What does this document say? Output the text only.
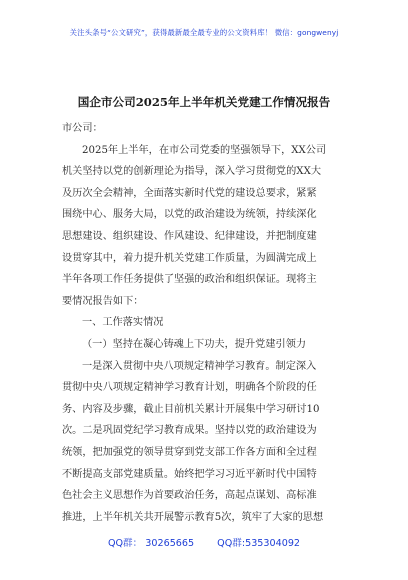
关注头条号“公文研究”，获得最新最全最专业的公文资料库！ 微信：gongwenyj
国企市公司2025年上半年机关党建工作情况报告

市公司：

2025年上半年，在市公司党委的坚强领导下，XX公司

机关坚持以党的创新理论为指导，深入学习贯彻党的XX大

及历次全会精神，全面落实新时代党的建设总要求，紧紧

围绕中心、服务大局，以党的政治建设为统领，持续深化

思想建设、组织建设、作风建设、纪律建设，并把制度建

设贯穿其中，着力提升机关党建工作质量，为圆满完成上

半年各项工作任务提供了坚强的政治和组织保证。现将主

要情况报告如下：

一、工作落实情况

（一）坚持在凝心铸魂上下功夫，提升党建引领力

一是深入贯彻中央八项规定精神学习教育。制定深入

贯彻中央八项规定精神学习教育计划，明确各个阶段的任

务、内容及步骤，截止目前机关累计开展集中学习研讨10

次。二是巩固党纪学习教育成果。坚持以党的政治建设为

统领，把加强党的领导贯穿到党支部工作各方面和全过程

不断提高支部党建质量。始终把学习习近平新时代中国特

色社会主义思想作为首要政治任务，高起点谋划、高标准

推进，上半年机关共开展警示教育5次，筑牢了大家的思想

QQ群： 30265665 QQ群:535304092
